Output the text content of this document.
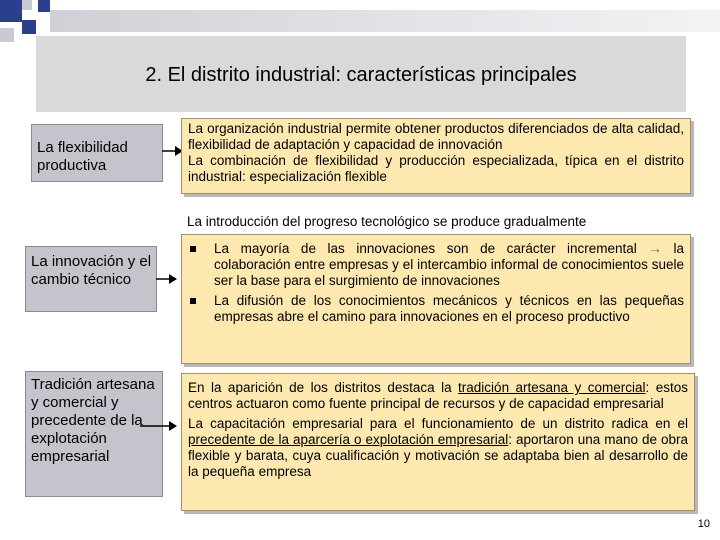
2. El distrito industrial: características principales
La flexibilidad productiva

La organización industrial permite obtener productos diferenciados de alta calidad, flexibilidad de adaptación y capacidad de innovación

La combinación de flexibilidad y producción especializada, típica en el distrito industrial: especialización flexible

La introducción del progreso tecnológico se produce gradualmente
La innovación y el cambio técnico
La mayoría de las innovaciones son de carácter incremental → la colaboración entre empresas y el intercambio informal de conocimientos suele ser la base para el surgimiento de innovaciones
La difusión de los conocimientos mecánicos y técnicos en las pequeñas empresas abre el camino para innovaciones en el proceso productivo
Tradición artesana y comercial y precedente de la explotación empresarial

En la aparición de los distritos destaca la tradición artesana y comercial: estos centros actuaron como fuente principal de recursos y de capacidad empresarial

La capacitación empresarial para el funcionamiento de un distrito radica en el precedente de la aparcería o explotación empresarial: aportaron una mano de obra flexible y barata, cuya cualificación y motivación se adaptaba bien al desarrollo de la pequeña empresa

10
